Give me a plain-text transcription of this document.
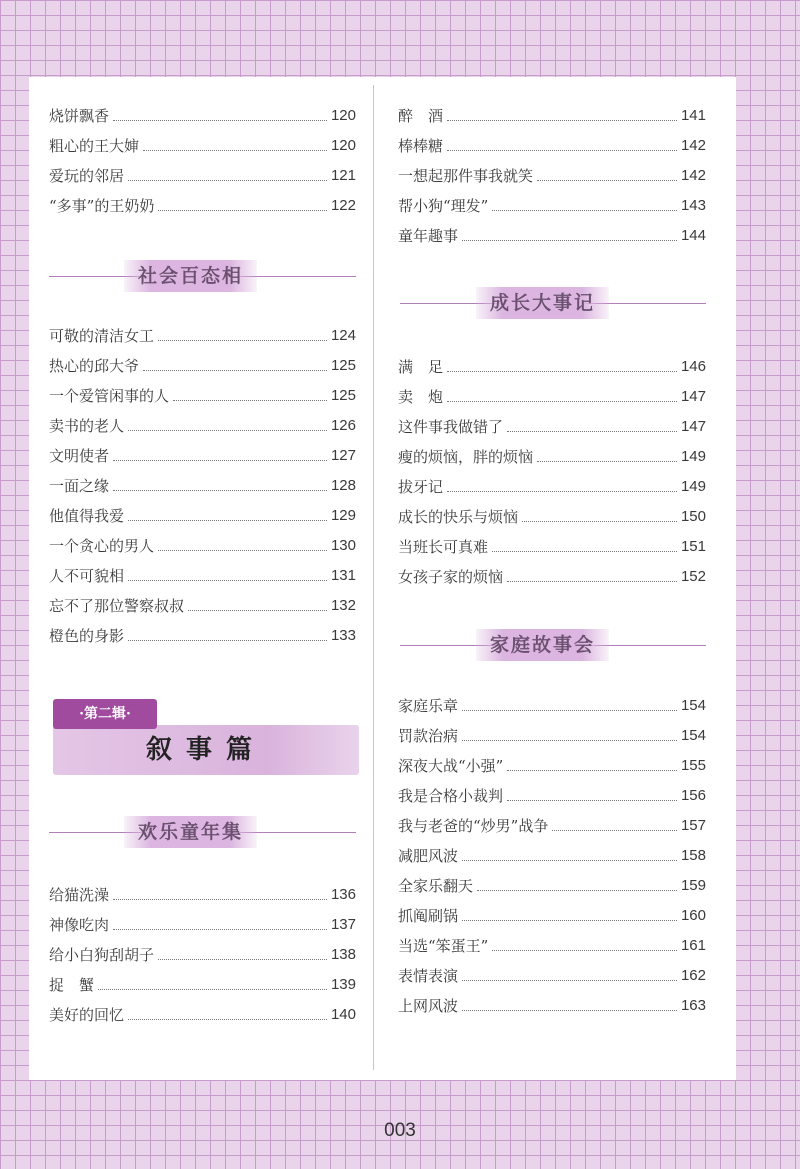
烧饼飘香	120
粗心的王大婶	120
爱玩的邻居	121
“多事”的王奶奶	122
社会百态相
可敬的清洁女工	124
热心的邱大爷	125
一个爱管闲事的人	125
卖书的老人	126
文明使者	127
一面之缘	128
他值得我爱	129
一个贪心的男人	130
人不可貌相	131
忘不了那位警察叔叔	132
橙色的身影	133
叙事篇
·第二辑·
欢乐童年集
给猫洗澡	136
神像吃肉	137
给小白狗刮胡子	138
捉　蟹	139
美好的回忆	140
醉　酒	141
棒棒糖	142
一想起那件事我就笑	142
帮小狗“理发”	143
童年趣事	144
成长大事记
满　足	146
卖　炮	147
这件事我做错了	147
瘦的烦恼，胖的烦恼	149
拔牙记	149
成长的快乐与烦恼	150
当班长可真难	151
女孩子家的烦恼	152
家庭故事会
家庭乐章	154
罚款治病	154
深夜大战“小强”	155
我是合格小裁判	156
我与老爸的“炒男”战争	157
减肥风波	158
全家乐翻天	159
抓阄刷锅	160
当选“笨蛋王”	161
表情表演	162
上网风波	163
003
